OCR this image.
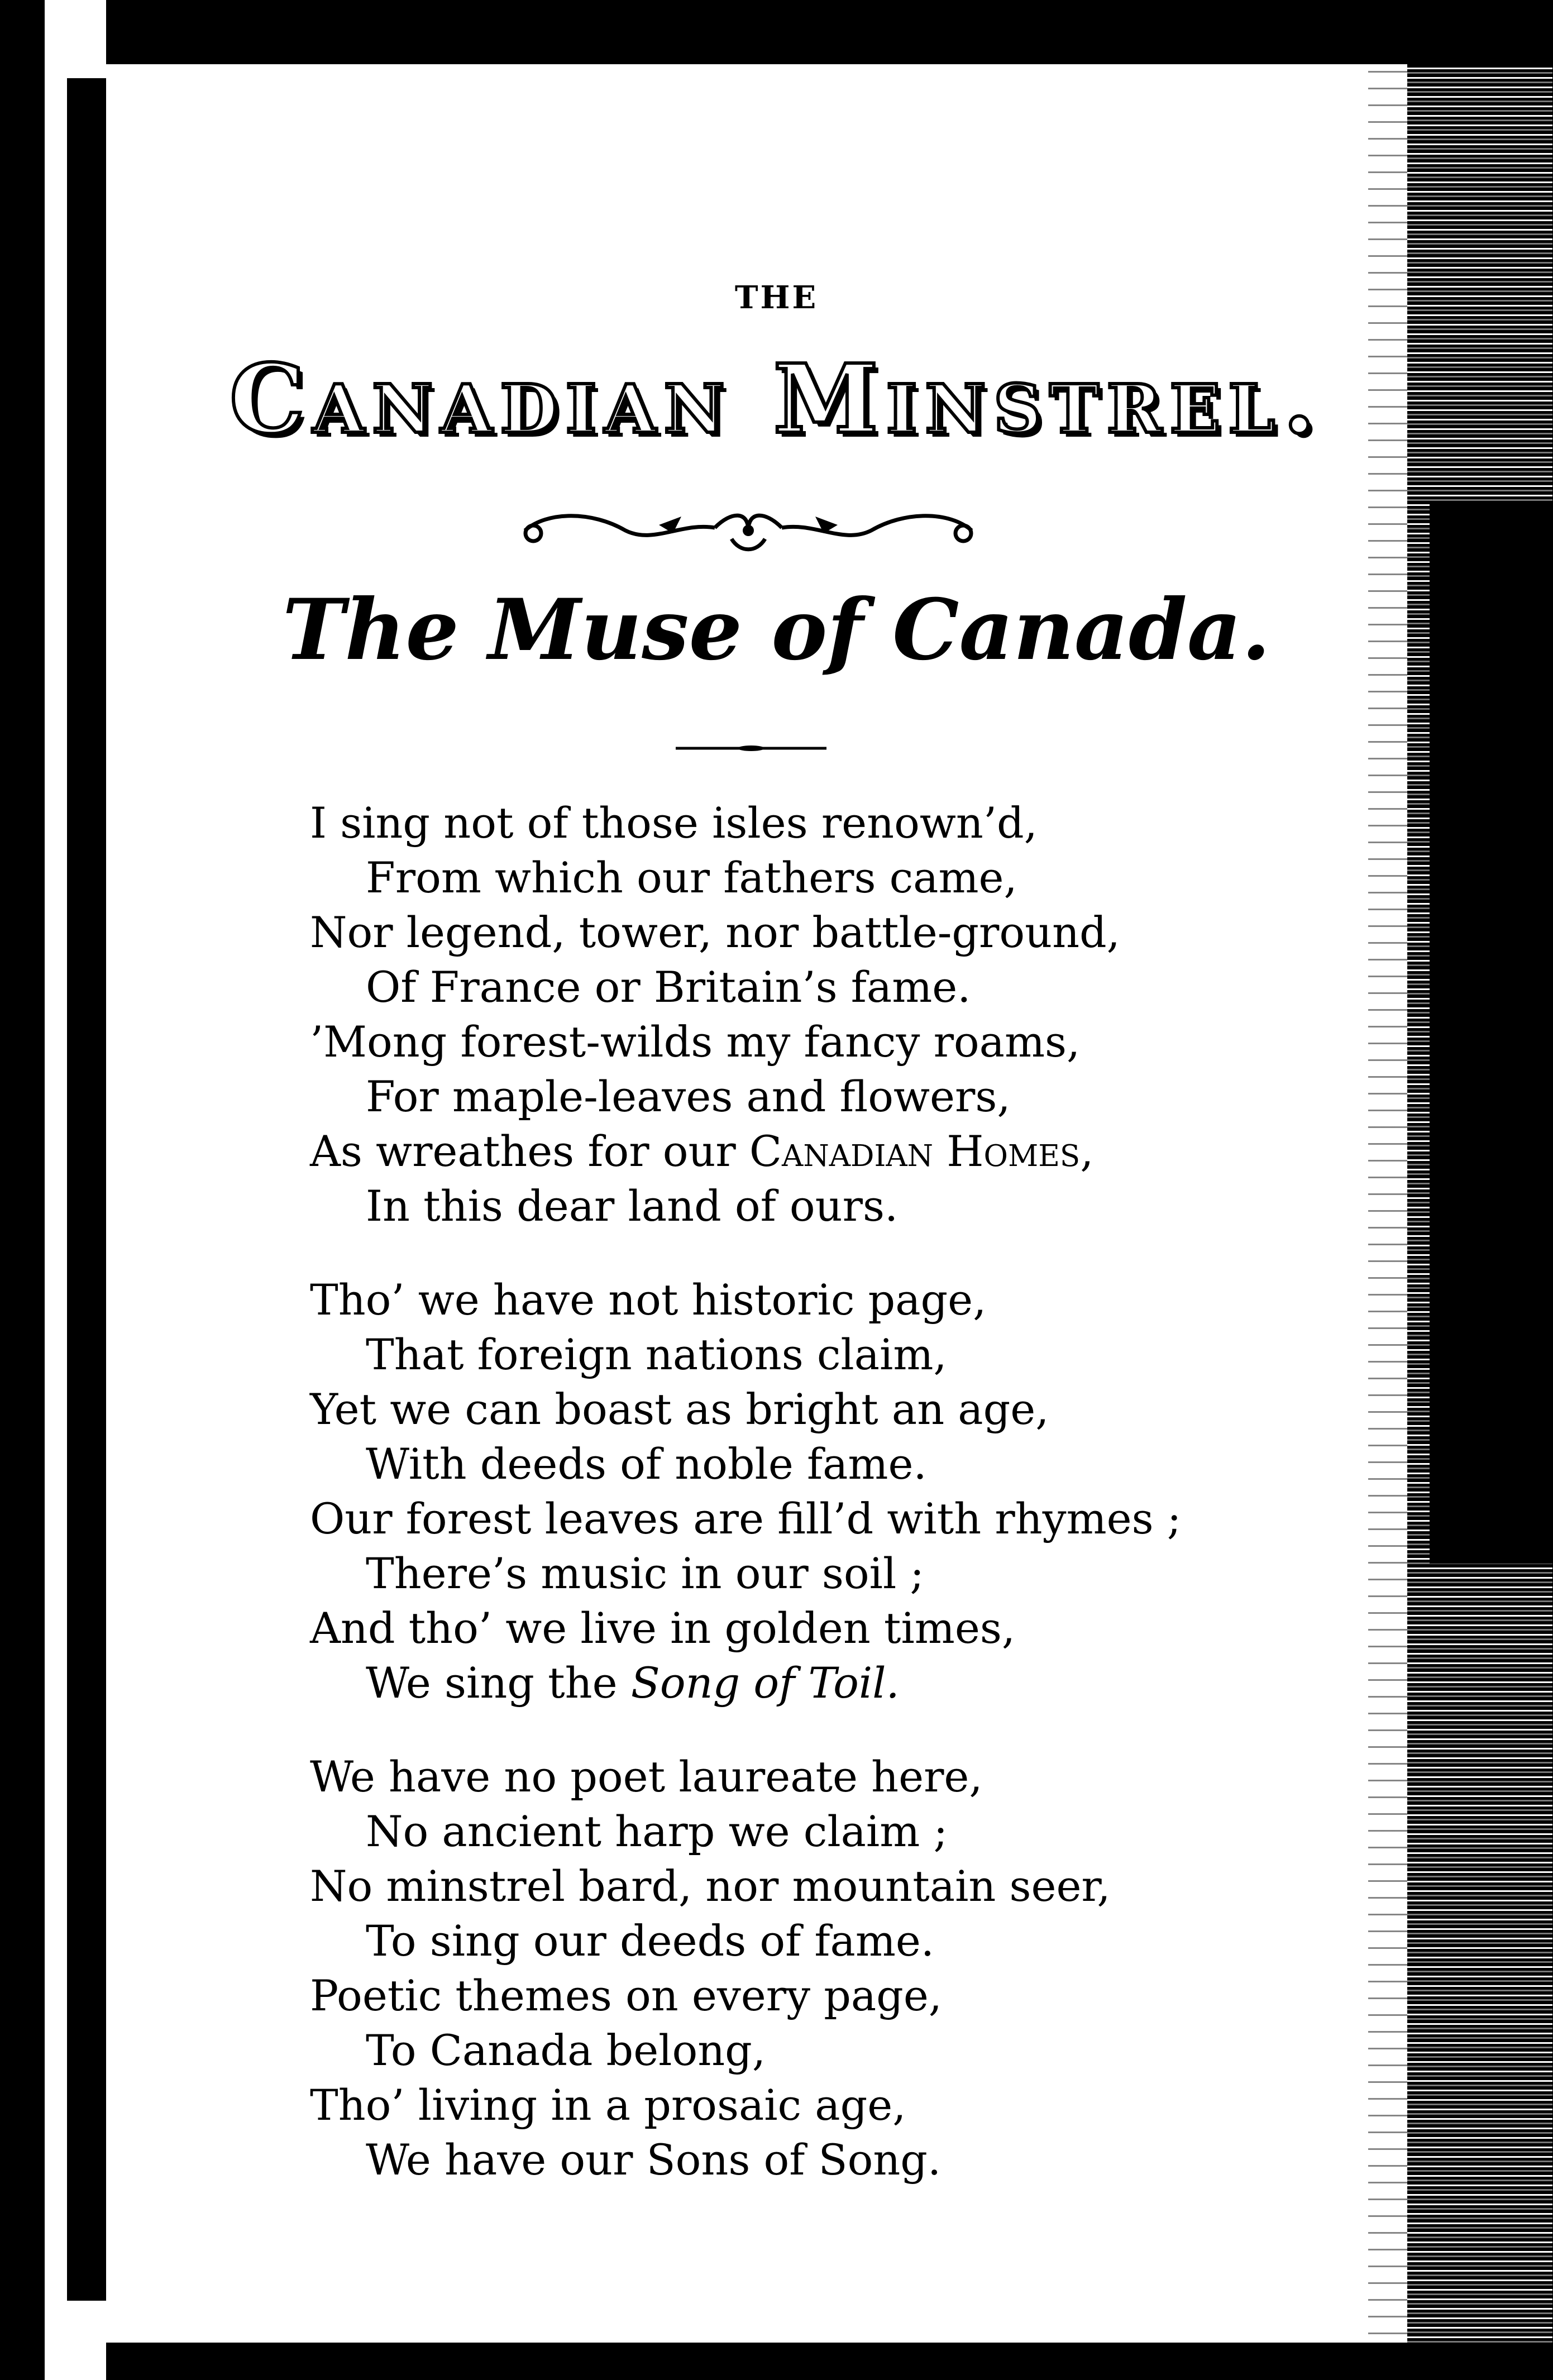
THE
Canadian Minstrel.
The Muse of Canada.
I sing not of those isles renown’d,
From which our fathers came,
Nor legend, tower, nor battle-ground,
Of France or Britain’s fame.
’Mong forest-wilds my fancy roams,
For maple-leaves and flowers,
As wreathes for our Canadian Homes,
In this dear land of ours.
Tho’ we have not historic page,
That foreign nations claim,
Yet we can boast as bright an age,
With deeds of noble fame.
Our forest leaves are fill’d with rhymes ;
There’s music in our soil ;
And tho’ we live in golden times,
We sing the Song of Toil.
We have no poet laureate here,
No ancient harp we claim ;
No minstrel bard, nor mountain seer,
To sing our deeds of fame.
Poetic themes on every page,
To Canada belong,
Tho’ living in a prosaic age,
We have our Sons of Song.
